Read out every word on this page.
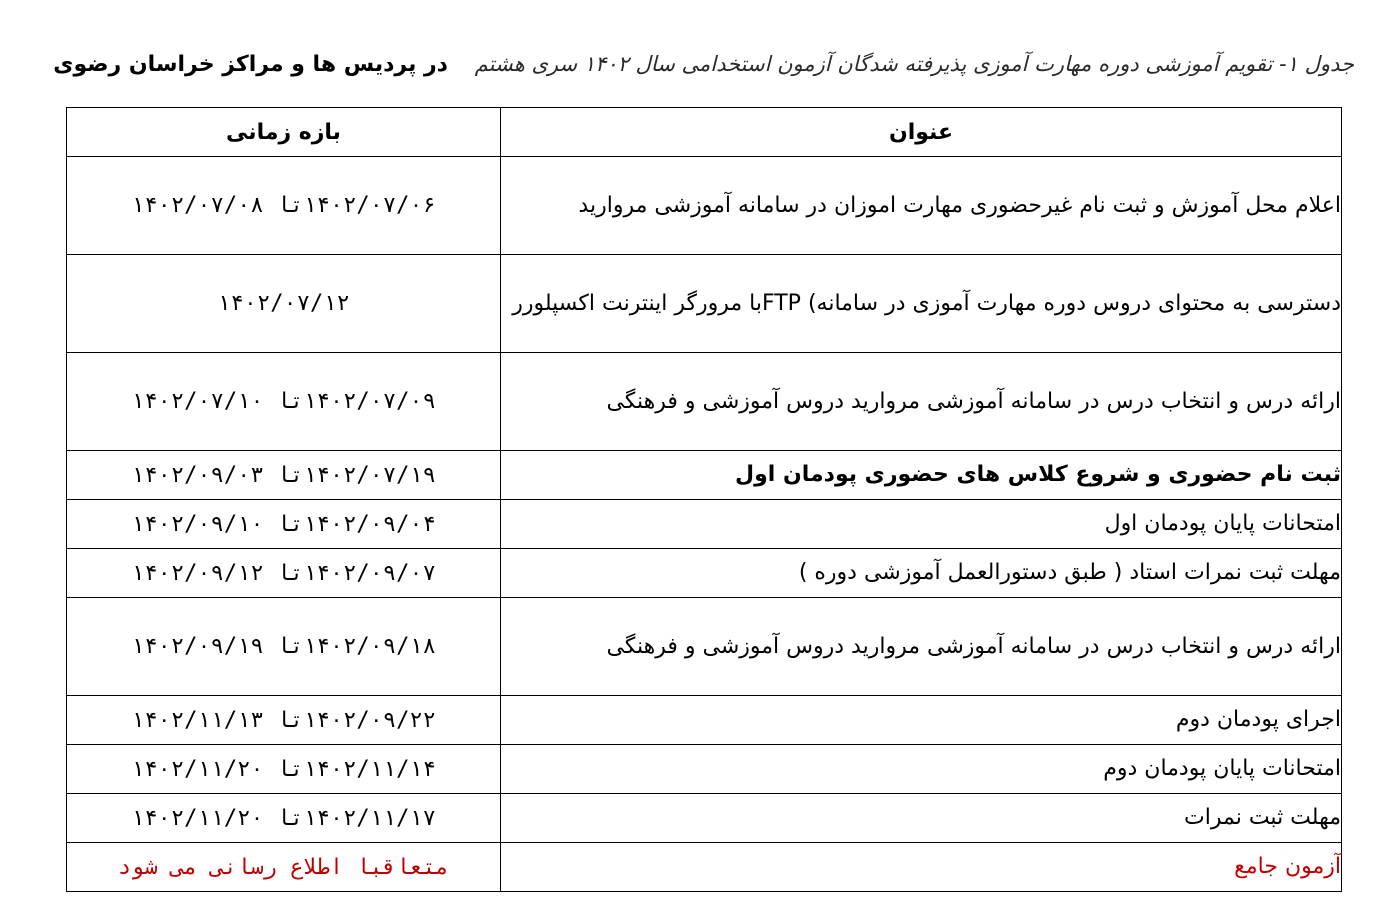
جدول ۱- تقویم آموزشی دوره مهارت آموزی پذیرفته شدگان آزمون استخدامی سال ۱۴۰۲ سری هشتم    در پردیس ها و مراکز خراسان رضوی
عنوان	بازه زمانی
اعلام محل آموزش و ثبت نام غیرحضوری مهارت اموزان در سامانه آموزشی مروارید	۱۴۰۲/۰۷/۰۶تا ۱۴۰۲/۰۷/۰۸
دسترسی به محتوای دروس دوره مهارت آموزی در سامانه) FTPبا مرورگر اینترنت اکسپلورر	۱۴۰۲/۰۷/۱۲
ارائه درس و انتخاب درس در سامانه آموزشی مروارید دروس آموزشی و فرهنگی	۱۴۰۲/۰۷/۰۹تا ۱۴۰۲/۰۷/۱۰
ثبت نام حضوری و شروع کلاس های حضوری پودمان اول	۱۴۰۲/۰۷/۱۹تا ۱۴۰۲/۰۹/۰۳
امتحانات پایان پودمان اول	۱۴۰۲/۰۹/۰۴تا ۱۴۰۲/۰۹/۱۰
مهلت ثبت نمرات استاد ( طبق دستورالعمل آموزشی دوره )	۱۴۰۲/۰۹/۰۷تا ۱۴۰۲/۰۹/۱۲
ارائه درس و انتخاب درس در سامانه آموزشی مروارید دروس آموزشی و فرهنگی	۱۴۰۲/۰۹/۱۸تا ۱۴۰۲/۰۹/۱۹
اجرای پودمان دوم	۱۴۰۲/۰۹/۲۲تا ۱۴۰۲/۱۱/۱۳
امتحانات پایان پودمان دوم	۱۴۰۲/۱۱/۱۴تا ۱۴۰۲/۱۱/۲۰
مهلت ثبت نمرات	۱۴۰۲/۱۱/۱۷تا ۱۴۰۲/۱۱/۲۰
آزمون جامع	متعاقبا اطلاع رسانی می شود
